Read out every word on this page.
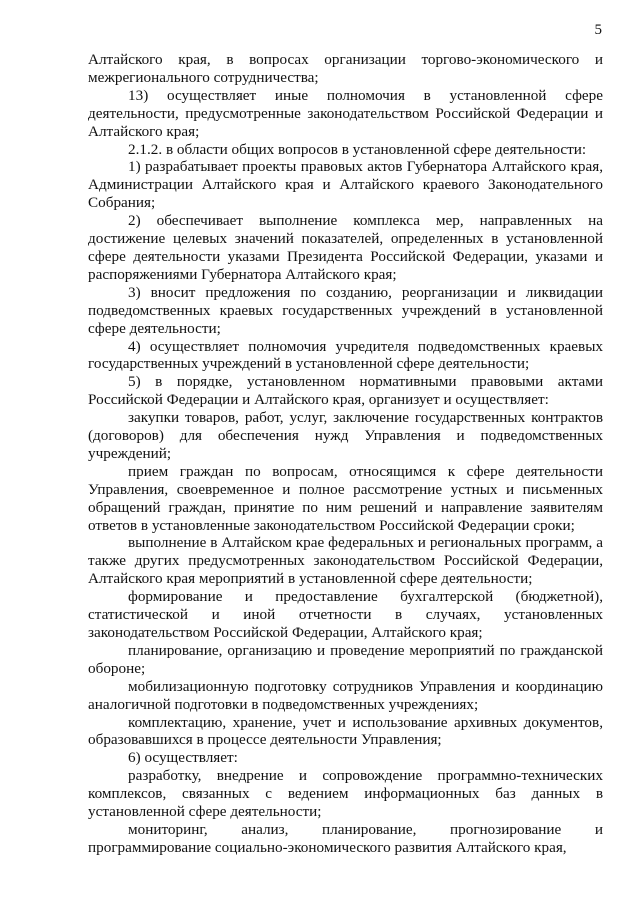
5

Алтайского края, в вопросах организации торгово-экономического и межрегионального сотрудничества;

13) осуществляет иные полномочия в установленной сфере деятельности, предусмотренные законодательством Российской Федерации и Алтайского края;

2.1.2. в области общих вопросов в установленной сфере деятельности:

1) разрабатывает проекты правовых актов Губернатора Алтайского края, Администрации Алтайского края и Алтайского краевого Законодательного Собрания;

2) обеспечивает выполнение комплекса мер, направленных на достижение целевых значений показателей, определенных в установленной сфере деятельности указами Президента Российской Федерации, указами и распоряжениями Губернатора Алтайского края;

3) вносит предложения по созданию, реорганизации и ликвидации подведомственных краевых государственных учреждений в установленной сфере деятельности;

4) осуществляет полномочия учредителя подведомственных краевых государственных учреждений в установленной сфере деятельности;

5) в порядке, установленном нормативными правовыми актами Российской Федерации и Алтайского края, организует и осуществляет:

закупки товаров, работ, услуг, заключение государственных контрактов (договоров) для обеспечения нужд Управления и подведомственных учреждений;

прием граждан по вопросам, относящимся к сфере деятельности Управления, своевременное и полное рассмотрение устных и письменных обращений граждан, принятие по ним решений и направление заявителям ответов в установленные законодательством Российской Федерации сроки;

выполнение в Алтайском крае федеральных и региональных программ, а также других предусмотренных законодательством Российской Федерации, Алтайского края мероприятий в установленной сфере деятельности;

формирование и предоставление бухгалтерской (бюджетной), статистической и иной отчетности в случаях, установленных законодательством Российской Федерации, Алтайского края;

планирование, организацию и проведение мероприятий по гражданской обороне;

мобилизационную подготовку сотрудников Управления и координацию аналогичной подготовки в подведомственных учреждениях;

комплектацию, хранение, учет и использование архивных документов, образовавшихся в процессе деятельности Управления;

6) осуществляет:

разработку, внедрение и сопровождение программно-технических комплексов, связанных с ведением информационных баз данных в установленной сфере деятельности;

мониторинг, анализ, планирование, прогнозирование и программирование социально-экономического развития Алтайского края,
